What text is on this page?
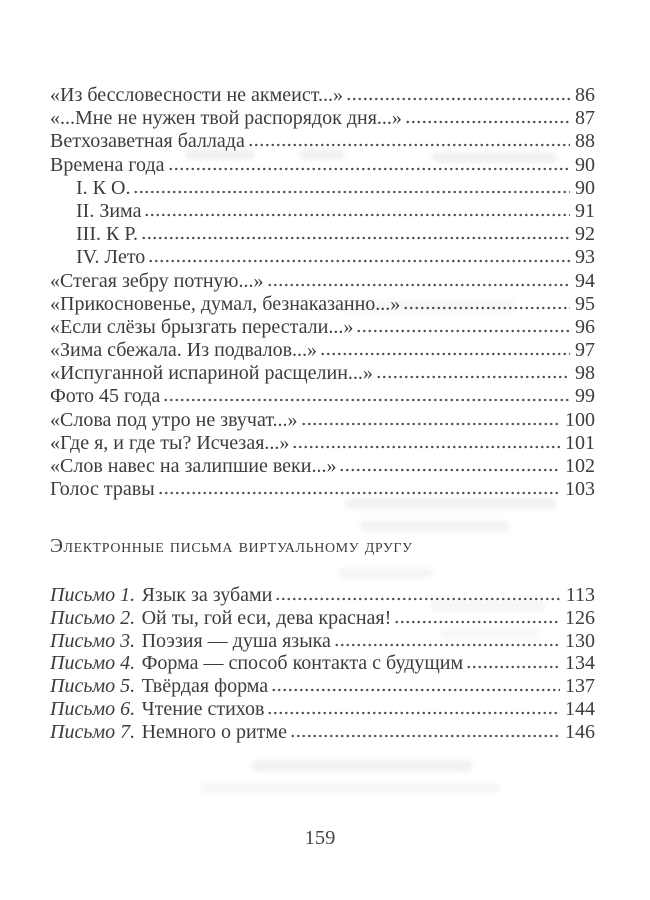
«Из бессловесности не акмеист...»	86
«...Мне не нужен твой распорядок дня...»	87
Ветхозаветная баллада	88
Времена года	90
I. К О.	90
II. Зима	91
III. К Р.	92
IV. Лето	93
«Стегая зебру потную...»	94
«Прикосновенье, думал, безнаказанно...»	95
«Если слёзы брызгать перестали...»	96
«Зима сбежала. Из подвалов...»	97
«Испуганной испариной расщелин...»	98
Фото 45 года	99
«Слова под утро не звучат...»	100
«Где я, и где ты? Исчезая...»	101
«Слов навес на залипшие веки...»	102
Голос травы	103
Электронные письма виртуальному другу
Письмо 1. Язык за зубами	113
Письмо 2. Ой ты, гой еси, дева красная!	126
Письмо 3. Поэзия — душа языка	130
Письмо 4. Форма — способ контакта с будущим	134
Письмо 5. Твёрдая форма	137
Письмо 6. Чтение стихов	144
Письмо 7. Немного о ритме	146
159
